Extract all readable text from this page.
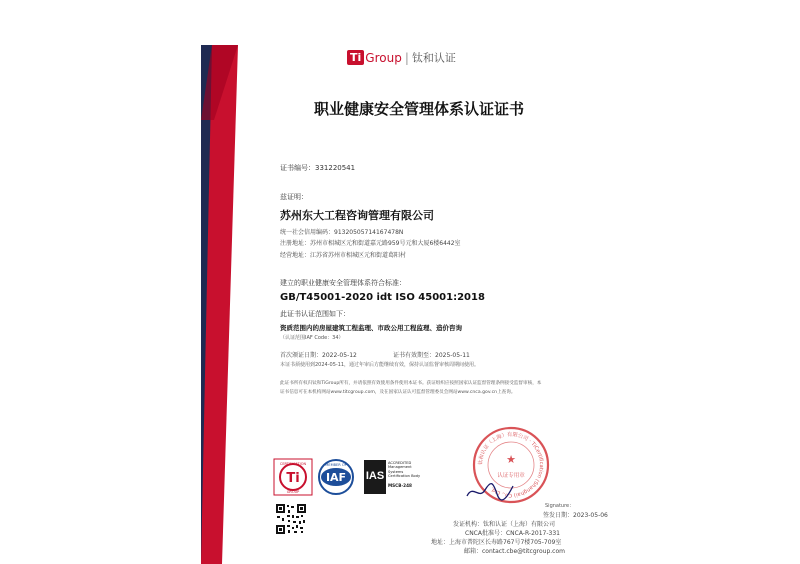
Ti Group | 钛和认证
职业健康安全管理体系认证证书
证书编号：331220541
兹证明：
苏州东大工程咨询管理有限公司
统一社会信用编码：91320505714167478N
注册地址：苏州市相城区元和街道嘉元路959号元和大厦6楼6442室
经营地址：江苏省苏州市相城区元和街道葛阳村
建立的职业健康安全管理体系符合标准：
GB/T45001-2020 idt ISO 45001:2018
此证书认证范围如下：
资质范围内的房屋建筑工程监理、市政公用工程监理、造价咨询
（认证范围IAF Code：34）
首次颁证日期：2022-05-12	证书有效期至：2025-05-11
本证书须使用到2024-05-11，通过年审后方能继续有效，保持认证监督审核周期间使用。
此证书所有权归钛和TiGroup所有，并请依照有效使用条件使用本证书。获证组织应按照国家认证监督管理条例接受监督审核，本
证书信息可在本机构网站www.titcgroup.com，及在国家认证认可监督管理委员会网站www.cnca.gov.cn上查询。
CERTIFICATION
Ti
GROUP
MEMBER OF
IAF IAS
ACCREDITED
Management
Systems
Certification Body
MSCB-248
钛和认证（上海）有限公司 · TiCertification (Shanghai) Co., Ltd.
★
认证专用章
Signature：
签发日期：2023-05-06
发证机构：钛和认证（上海）有限公司
CNCA批准号：CNCA-R-2017-331
地址：上海市普陀区长寿路767号7楼705-709室
邮箱：contact.cbe@titcgroup.com
